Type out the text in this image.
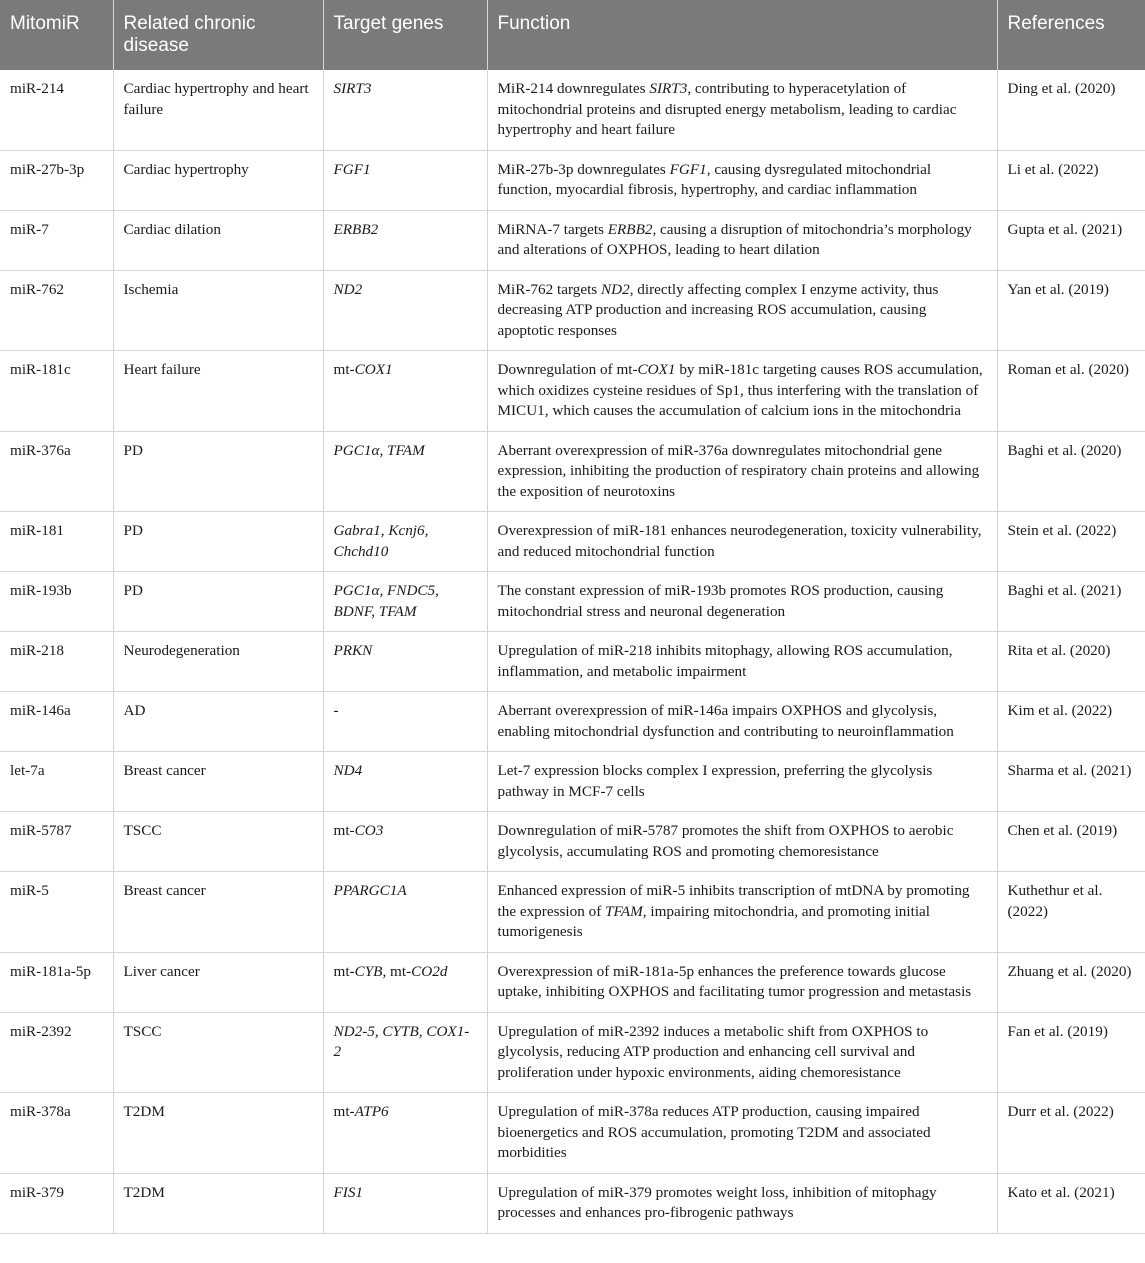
MitomiR	Related chronic disease	Target genes	Function	References
miR-214	Cardiac hypertrophy and heart failure	SIRT3	MiR-214 downregulates SIRT3, contributing to hyperacetylation of mitochondrial proteins and disrupted energy metabolism, leading to cardiac hypertrophy and heart failure	Ding et al. (2020)
miR-27b-3p	Cardiac hypertrophy	FGF1	MiR-27b-3p downregulates FGF1, causing dysregulated mitochondrial function, myocardial fibrosis, hypertrophy, and cardiac inflammation	Li et al. (2022)
miR-7	Cardiac dilation	ERBB2	MiRNA-7 targets ERBB2, causing a disruption of mitochondria’s morphology and alterations of OXPHOS, leading to heart dilation	Gupta et al. (2021)
miR-762	Ischemia	ND2	MiR-762 targets ND2, directly affecting complex I enzyme activity, thus decreasing ATP production and increasing ROS accumulation, causing apoptotic responses	Yan et al. (2019)
miR-181c	Heart failure	mt-COX1	Downregulation of mt-COX1 by miR-181c targeting causes ROS accumulation, which oxidizes cysteine residues of Sp1, thus interfering with the translation of MICU1, which causes the accumulation of calcium ions in the mitochondria	Roman et al. (2020)
miR-376a	PD	PGC1α, TFAM	Aberrant overexpression of miR-376a downregulates mitochondrial gene expression, inhibiting the production of respiratory chain proteins and allowing the exposition of neurotoxins	Baghi et al. (2020)
miR-181	PD	Gabra1, Kcnj6, Chchd10	Overexpression of miR-181 enhances neurodegeneration, toxicity vulnerability, and reduced mitochondrial function	Stein et al. (2022)
miR-193b	PD	PGC1α, FNDC5, BDNF, TFAM	The constant expression of miR-193b promotes ROS production, causing mitochondrial stress and neuronal degeneration	Baghi et al. (2021)
miR-218	Neurodegeneration	PRKN	Upregulation of miR-218 inhibits mitophagy, allowing ROS accumulation, inflammation, and metabolic impairment	Rita et al. (2020)
miR-146a	AD	-	Aberrant overexpression of miR-146a impairs OXPHOS and glycolysis, enabling mitochondrial dysfunction and contributing to neuroinflammation	Kim et al. (2022)
let-7a	Breast cancer	ND4	Let-7 expression blocks complex I expression, preferring the glycolysis pathway in MCF-7 cells	Sharma et al. (2021)
miR-5787	TSCC	mt-CO3	Downregulation of miR-5787 promotes the shift from OXPHOS to aerobic glycolysis, accumulating ROS and promoting chemoresistance	Chen et al. (2019)
miR-5	Breast cancer	PPARGC1A	Enhanced expression of miR-5 inhibits transcription of mtDNA by promoting the expression of TFAM, impairing mitochondria, and promoting initial tumorigenesis	Kuthethur et al. (2022)
miR-181a-5p	Liver cancer	mt-CYB, mt-CO2d	Overexpression of miR-181a-5p enhances the preference towards glucose uptake, inhibiting OXPHOS and facilitating tumor progression and metastasis	Zhuang et al. (2020)
miR-2392	TSCC	ND2-5, CYTB, COX1-2	Upregulation of miR-2392 induces a metabolic shift from OXPHOS to glycolysis, reducing ATP production and enhancing cell survival and proliferation under hypoxic environments, aiding chemoresistance	Fan et al. (2019)
miR-378a	T2DM	mt-ATP6	Upregulation of miR-378a reduces ATP production, causing impaired bioenergetics and ROS accumulation, promoting T2DM and associated morbidities	Durr et al. (2022)
miR-379	T2DM	FIS1	Upregulation of miR-379 promotes weight loss, inhibition of mitophagy processes and enhances pro-fibrogenic pathways	Kato et al. (2021)
